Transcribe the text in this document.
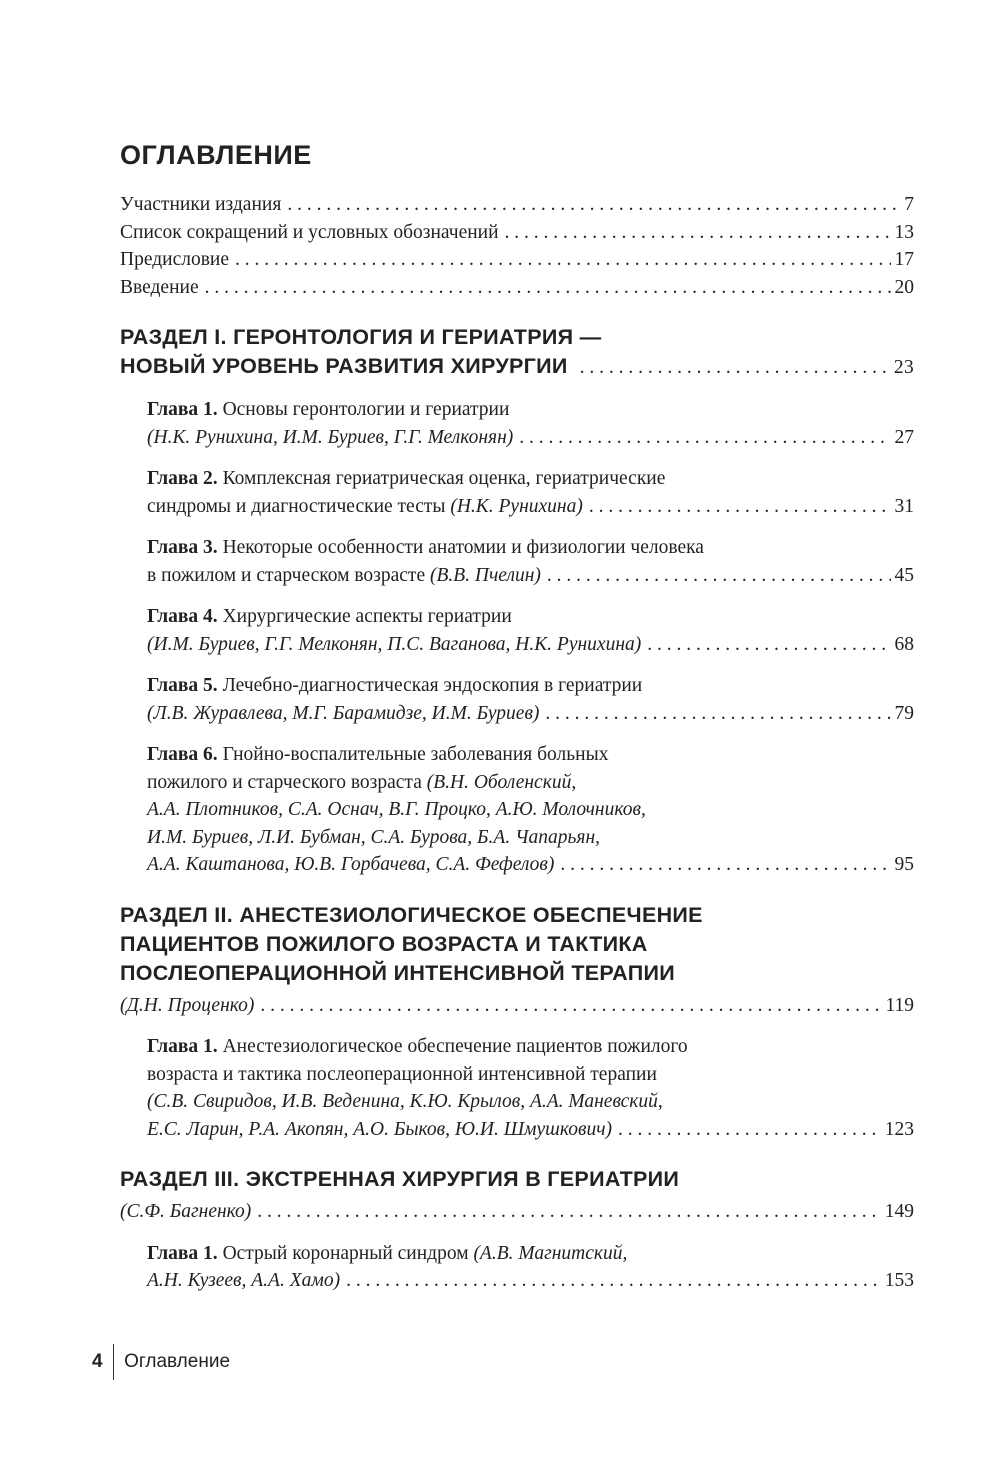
ОГЛАВЛЕНИЕ
Участники издания . . .	7
Список сокращений и условных обозначений . . .	13
Предисловие . . .	17
Введение . . .	20
РАЗДЕЛ I. ГЕРОНТОЛОГИЯ И ГЕРИАТРИЯ —
НОВЫЙ УРОВЕНЬ РАЗВИТИЯ ХИРУРГИИ . . .	23
Глава 1. Основы геронтологии и гериатрии
(Н.К. Рунихина, И.М. Буриев, Г.Г. Мелконян) . . .	27
Глава 2. Комплексная гериатрическая оценка, гериатрические
синдромы и диагностические тесты (Н.К. Рунихина) . . .	31
Глава 3. Некоторые особенности анатомии и физиологии человека
в пожилом и старческом возрасте (В.В. Пчелин) . . .	45
Глава 4. Хирургические аспекты гериатрии
(И.М. Буриев, Г.Г. Мелконян, П.С. Ваганова, Н.К. Рунихина) . . .	68
Глава 5. Лечебно-диагностическая эндоскопия в гериатрии
(Л.В. Журавлева, М.Г. Барамидзе, И.М. Буриев) . . .	79
Глава 6. Гнойно-воспалительные заболевания больных
пожилого и старческого возраста (В.Н. Оболенский,
А.А. Плотников, С.А. Оснач, В.Г. Процко, А.Ю. Молочников,
И.М. Буриев, Л.И. Бубман, С.А. Бурова, Б.А. Чапарьян,
А.А. Каштанова, Ю.В. Горбачева, С.А. Фефелов) . . .	95
РАЗДЕЛ II. АНЕСТЕЗИОЛОГИЧЕСКОЕ ОБЕСПЕЧЕНИЕ
ПАЦИЕНТОВ ПОЖИЛОГО ВОЗРАСТА И ТАКТИКА
ПОСЛЕОПЕРАЦИОННОЙ ИНТЕНСИВНОЙ ТЕРАПИИ
(Д.Н. Проценко) . . .	119
Глава 1. Анестезиологическое обеспечение пациентов пожилого
возраста и тактика послеоперационной интенсивной терапии
(С.В. Свиридов, И.В. Веденина, К.Ю. Крылов, А.А. Маневский,
Е.С. Ларин, Р.А. Акопян, А.О. Быков, Ю.И. Шмушкович) . . .	123
РАЗДЕЛ III. ЭКСТРЕННАЯ ХИРУРГИЯ В ГЕРИАТРИИ
(С.Ф. Багненко) . . .	149
Глава 1. Острый коронарный синдром (А.В. Магнитский,
А.Н. Кузеев, А.А. Хамо) . . .	153
4	Оглавление
